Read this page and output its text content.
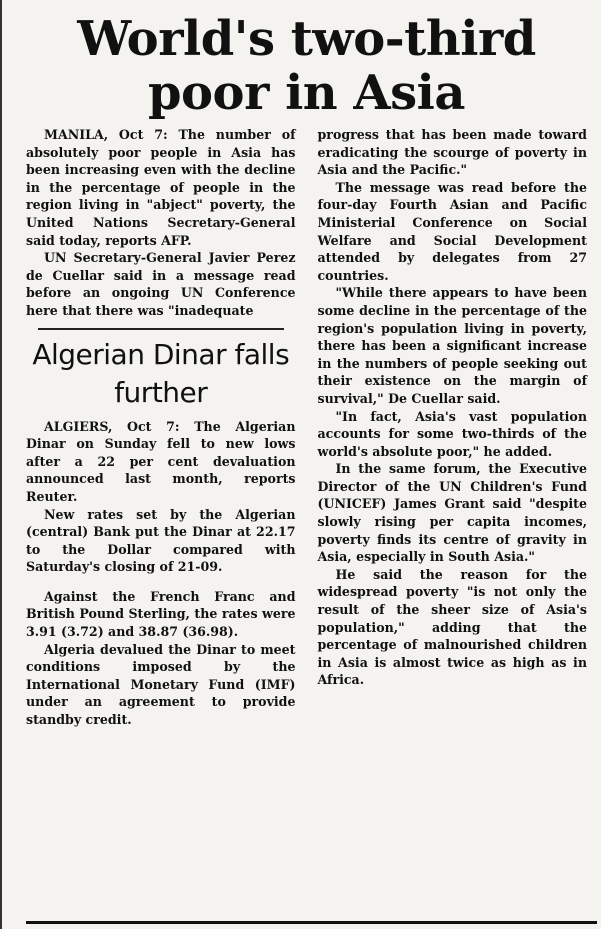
World's two-third poor in Asia

MANILA, Oct 7: The number of absolutely poor people in Asia has been increasing even with the decline in the percentage of people in the region living in "abject" poverty, the United Nations Secretary-General said today, reports AFP.

UN Secretary-General Javier Perez de Cuellar said in a message read before an ongoing UN Conference here that there was "inadequate

Algerian Dinar falls further

ALGIERS, Oct 7: The Algerian Dinar on Sunday fell to new lows after a 22 per cent devaluation announced last month, reports Reuter.

New rates set by the Algerian (central) Bank put the Dinar at 22.17 to the Dollar compared with Saturday's closing of 21-09.

Against the French Franc and British Pound Sterling, the rates were 3.91 (3.72) and 38.87 (36.98).

Algeria devalued the Dinar to meet conditions imposed by the International Monetary Fund (IMF) under an agreement to provide standby credit.

progress that has been made toward eradicating the scourge of poverty in Asia and the Pacific."

The message was read before the four-day Fourth Asian and Pacific Ministerial Conference on Social Welfare and Social Development attended by delegates from 27 countries.

"While there appears to have been some decline in the percentage of the region's population living in poverty, there has been a significant increase in the numbers of people seeking out their existence on the margin of survival," De Cuellar said.

"In fact, Asia's vast population accounts for some two-thirds of the world's absolute poor," he added.

In the same forum, the Executive Director of the UN Children's Fund (UNICEF) James Grant said "despite slowly rising per capita incomes, poverty finds its centre of gravity in Asia, especially in South Asia."

He said the reason for the widespread poverty "is not only the result of the sheer size of Asia's population," adding that the percentage of malnourished children in Asia is almost twice as high as in Africa.
